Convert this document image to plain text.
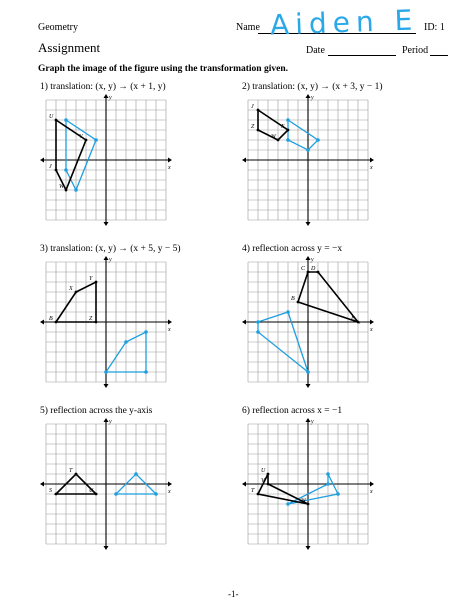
Geometry	Name Aiden E ID: 1
Assignment	Date	Period
Graph the image of the figure using the transformation given.
1) translation: (x, y) → (x + 1, y)
x
y
U
V
W
J
2) translation: (x, y) → (x + 3, y − 1)
x
y
J
X
W
Z
3) translation: (x, y) → (x + 5, y − 5)
x
y
B
X
Y
Z
4) reflection across y = −x
x
y
B
C D
E
5) reflection across the y-axis
x
y
S
T
U
6) reflection across x = −1
x
y
T
U
V
W
-1-
